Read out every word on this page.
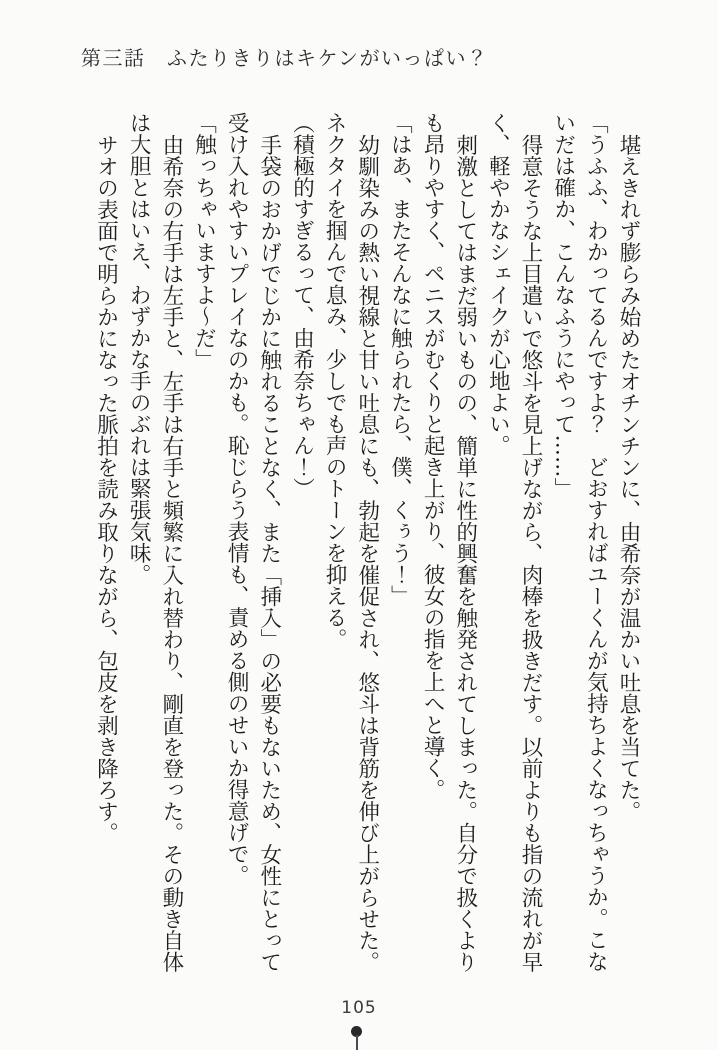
第三話　ふたりきりはキケンがいっぱい？

堪えきれず膨らみ始めたオチンチンに、由希奈が温かい吐息を当てた。

「うふふ、わかってるんですよ？　どおすればユーくんが気持ちよくなっちゃうか。こないだは確か、こんなふうにやって……」

得意そうな上目遣いで悠斗を見上げながら、肉棒を扱きだす。以前よりも指の流れが早く、軽やかなシェイクが心地よい。

刺激としてはまだ弱いものの、簡単に性的興奮を触発されてしまった。自分で扱くよりも昂りやすく、ペニスがむくりと起き上がり、彼女の指を上へと導く。

「はあ、またそんなに触られたら、僕、くぅう！」

幼馴染みの熱い視線と甘い吐息にも、勃起を催促され、悠斗は背筋を伸び上がらせた。ネクタイを掴んで息み、少しでも声のトーンを抑える。

（積極的すぎるって、由希奈ちゃん！）

手袋のおかげでじかに触れることなく、また「挿入」の必要もないため、女性にとって受け入れやすいプレイなのかも。恥じらう表情も、責める側のせいか得意げで。

「触っちゃいますよ〜だ」

由希奈の右手は左手と、左手は右手と頻繁に入れ替わり、剛直を登った。その動き自体は大胆とはいえ、わずかな手のぶれは緊張気味。

サオの表面で明らかになった脈拍を読み取りながら、包皮を剥き降ろす。

105
